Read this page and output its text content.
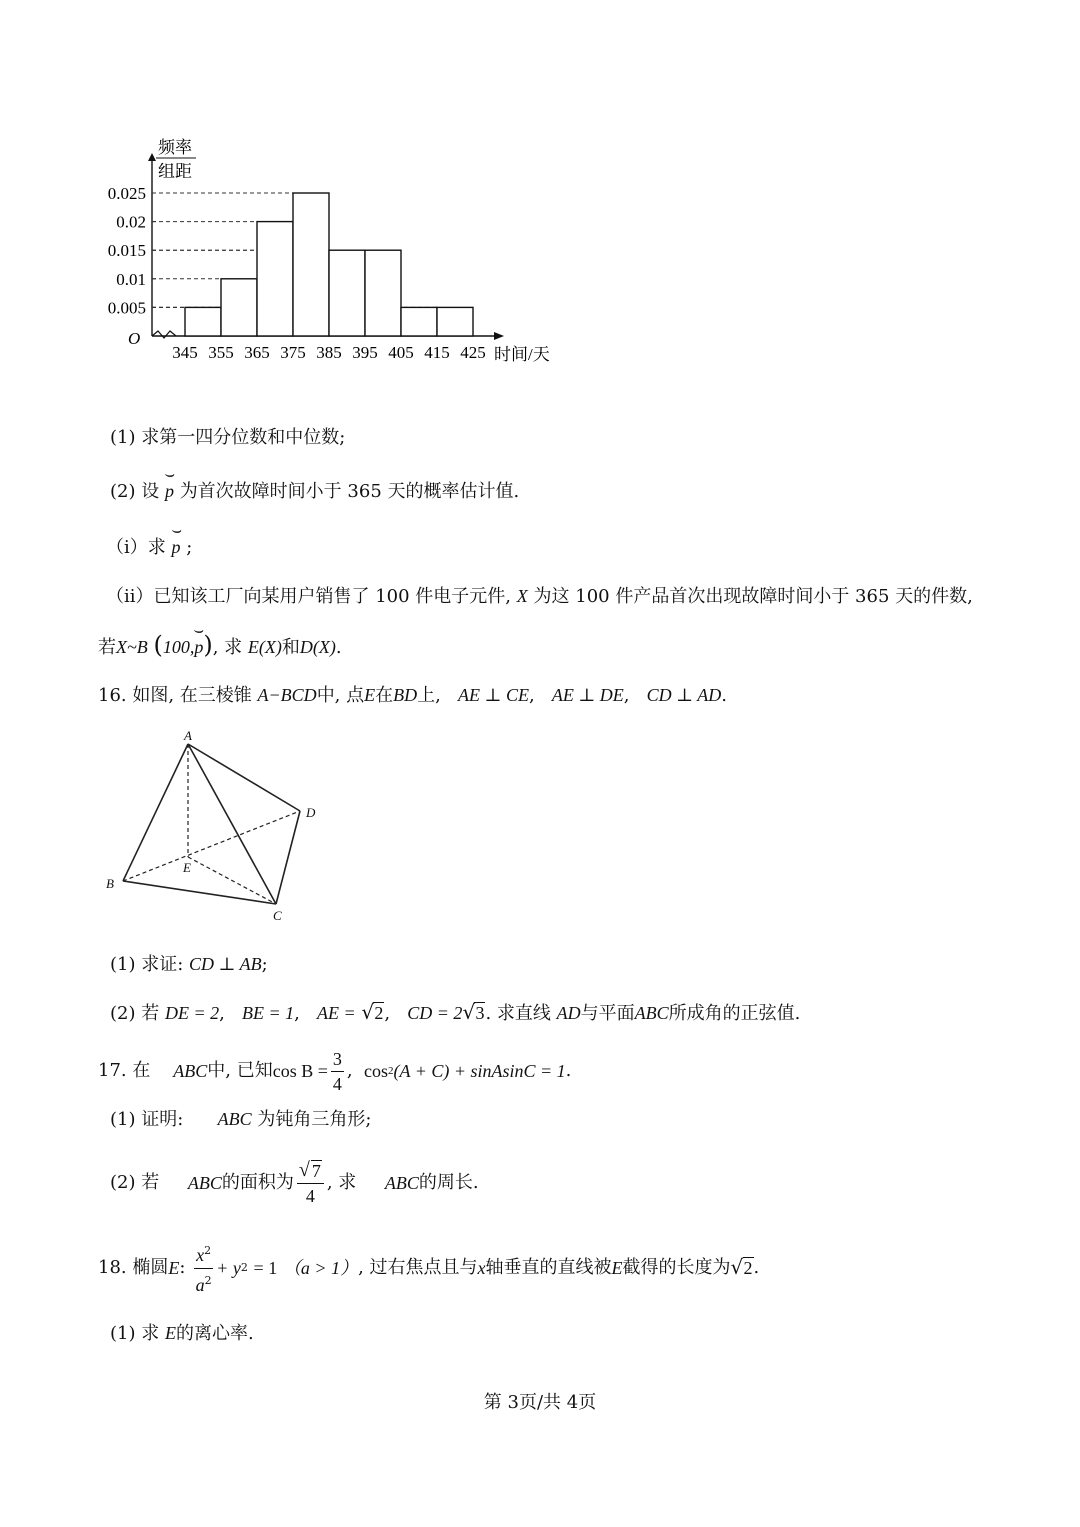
频率
组距
0.025
0.02
0.015
0.01
0.005
345 355 365 375 385 395 405 415 425 时间/天
O
(1) 求第一四分位数和中位数;
(2) 设 ⌢ p 为首次故障时间小于 365 天的概率估计值.
（ⅰ）求 ⌢ p ;
（ⅱ）已知该工厂向某用户销售了 100 件电子元件, X 为这 100 件产品首次出现故障时间小于 365 天的件数,
若X~B (100,⌢ p), 求 E(X)和D(X).
16. 如图, 在三棱锥 A−BCD中, 点E在BD上, AE ⊥ CE,   AE ⊥ DE,   CD ⊥ AD.
A
B
C
D
E
(1) 求证: CD ⊥ AB;
(2) 若 DE = 2,   BE = 1,   AE = √ 2,   CD = 2 √ 3. 求直线 AD与平面ABC所成角的正弦值.
17. 在
ABC 中, 已知 $\cos B = \frac{3}{4}$ ,
cos 2 (A + C) + sinAsinC = 1 .
(1) 证明: ABC 为钝角三角形;
(2) 若
ABC 的面积为 √ $\frac{7}{4}$ , 求
ABC 的周长.
18. 椭圆 E :
$\frac{x^2}{a^2} + y$ 2
= 1
（a > 1） , 过右焦点且与 x 轴垂直的直线被 E 截得的长度为 √ 2 .
(1) 求 E的离心率.
第 3页/共 4页
